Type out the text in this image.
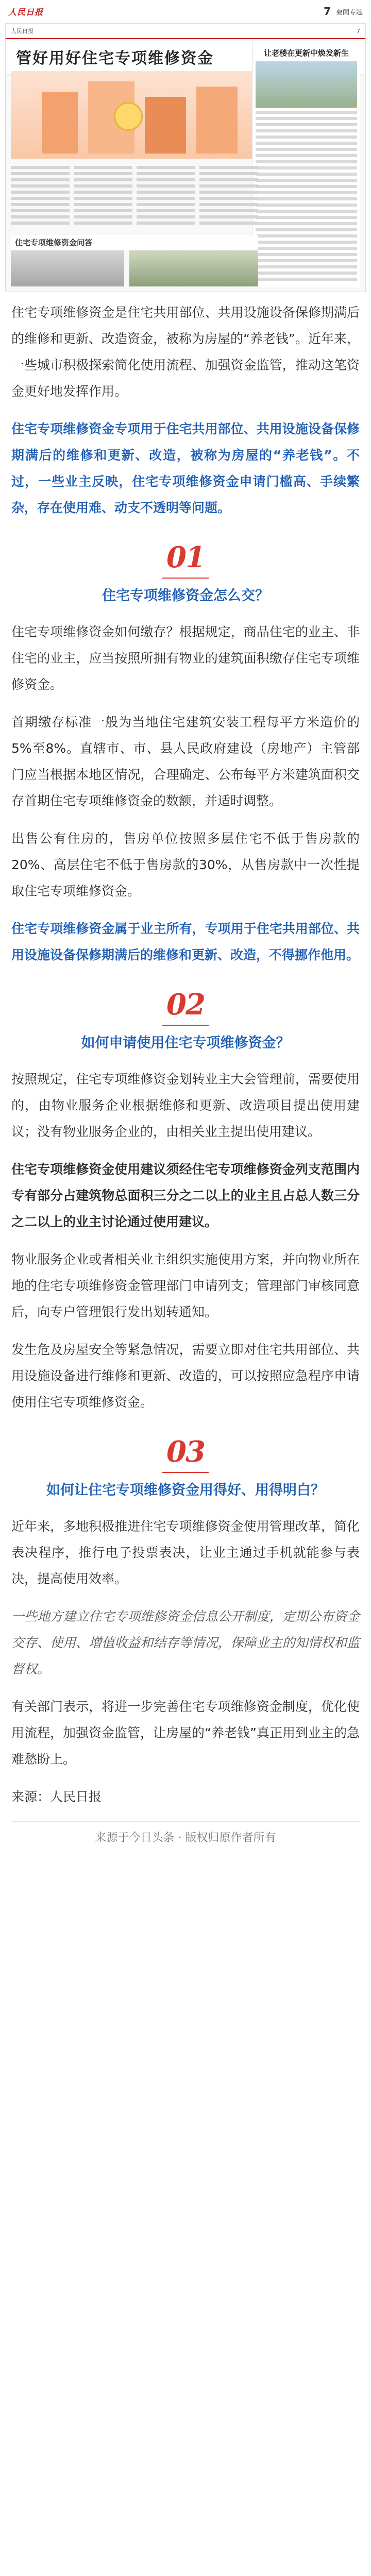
人民日报	7 要闻专题
人民日报	7
管好用好住宅专项维修资金	让老楼在更新中焕发新生
住宅专项维修资金问答

住宅专项维修资金是住宅共用部位、共用设施设备保修期满后的维修和更新、改造资金，被称为房屋的“养老钱”。近年来，一些城市积极探索简化使用流程、加强资金监管，推动这笔资金更好地发挥作用。

住宅专项维修资金专项用于住宅共用部位、共用设施设备保修期满后的维修和更新、改造，被称为房屋的“养老钱”。不过，一些业主反映，住宅专项维修资金申请门槛高、手续繁杂，存在使用难、动支不透明等问题。

01
住宅专项维修资金怎么交？

住宅专项维修资金如何缴存？根据规定，商品住宅的业主、非住宅的业主，应当按照所拥有物业的建筑面积缴存住宅专项维修资金。

首期缴存标准一般为当地住宅建筑安装工程每平方米造价的5%至8%。直辖市、市、县人民政府建设（房地产）主管部门应当根据本地区情况，合理确定、公布每平方米建筑面积交存首期住宅专项维修资金的数额，并适时调整。

出售公有住房的，售房单位按照多层住宅不低于售房款的20%、高层住宅不低于售房款的30%，从售房款中一次性提取住宅专项维修资金。

住宅专项维修资金属于业主所有，专项用于住宅共用部位、共用设施设备保修期满后的维修和更新、改造，不得挪作他用。

02
如何申请使用住宅专项维修资金？

按照规定，住宅专项维修资金划转业主大会管理前，需要使用的，由物业服务企业根据维修和更新、改造项目提出使用建议；没有物业服务企业的，由相关业主提出使用建议。

住宅专项维修资金使用建议须经住宅专项维修资金列支范围内专有部分占建筑物总面积三分之二以上的业主且占总人数三分之二以上的业主讨论通过使用建议。

物业服务企业或者相关业主组织实施使用方案，并向物业所在地的住宅专项维修资金管理部门申请列支；管理部门审核同意后，向专户管理银行发出划转通知。

发生危及房屋安全等紧急情况，需要立即对住宅共用部位、共用设施设备进行维修和更新、改造的，可以按照应急程序申请使用住宅专项维修资金。

03
如何让住宅专项维修资金用得好、用得明白？

近年来，多地积极推进住宅专项维修资金使用管理改革，简化表决程序，推行电子投票表决，让业主通过手机就能参与表决，提高使用效率。

一些地方建立住宅专项维修资金信息公开制度，定期公布资金交存、使用、增值收益和结存等情况，保障业主的知情权和监督权。

有关部门表示，将进一步完善住宅专项维修资金制度，优化使用流程，加强资金监管，让房屋的“养老钱”真正用到业主的急难愁盼上。

来源：人民日报

来源于今日头条 · 版权归原作者所有
